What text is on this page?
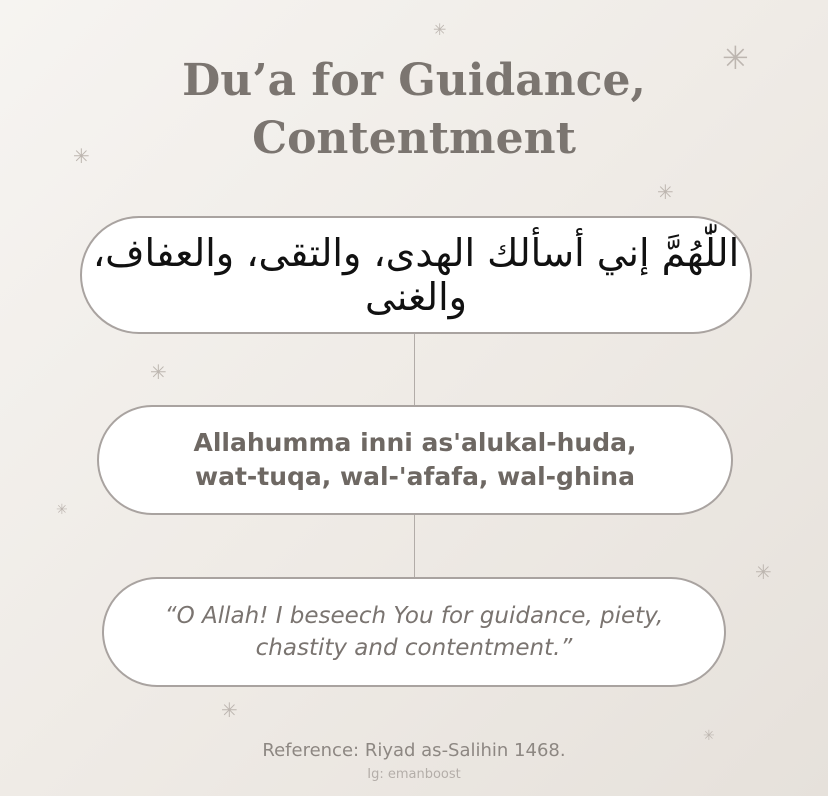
✳
✳
✳
✳
✳
✳
✳
✳
✳
Du’a for Guidance,
Contentment
اللّٰهُمَّ إني أسألك الهدى، والتقى، والعفاف، والغنى
Allahumma inni as'alukal-huda,
wat-tuqa, wal-'afafa, wal-ghina
“O Allah! I beseech You for guidance, piety,
chastity and contentment.”
Reference: Riyad as-Salihin 1468.
Ig: emanboost
